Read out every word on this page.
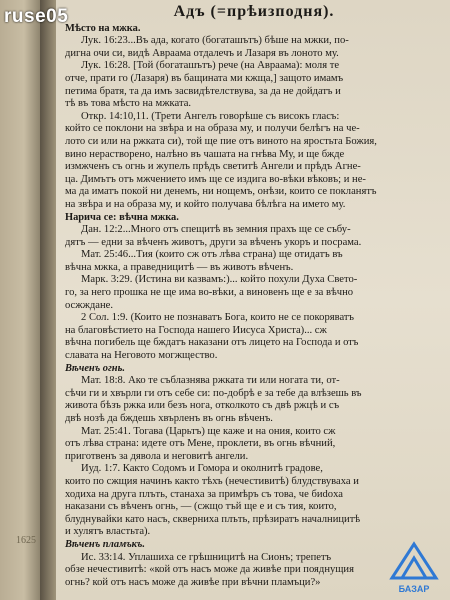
1625
Адъ (=прѣизподня).
Мѣсто на мжка.
Лук. 16:23...Въ ада, когато (богаташътъ) бѣше на мжки, по-
дигна очи си, видѣ Авраама отдалечъ и Лазаря въ лоното му.
Лук. 16:28. [Той (богаташътъ) рече (на Авраама): моля те
отче, прати го (Лазаря) въ бащината ми кжща,] защото имамъ
петима братя, та да имъ засвидѣтелствува, за да не дойдатъ и
тѣ въ това мѣсто на мжката.
Откр. 14:10,11. (Трети Ангелъ говорѣше съ високъ гласъ:
който се поклони на звѣра и на образа му, и получи белѣгъ на че-
лото си или на ржката си), той ще пие отъ виното на яростьта Божия,
вино нерастворено, налѣно въ чашата на гнѣва Му, и ще бжде
измжченъ съ огнь и жупелъ прѣдъ светитѣ Ангели и прѣдъ Агне-
цa. Димътъ отъ мжчението имъ ще се издига во-вѣки вѣковъ; и не-
ма да иматъ покой ни денемъ, ни нощемъ, онѣзи, които се покланятъ
на звѣра и на образа му, и който получава бѣлѣга на името му.
Нарича се: вѣчна мжка.
Дан. 12:2...Много отъ спещитѣ въ земния прахъ ще се събу-
дятъ — едни за вѣченъ животъ, други за вѣченъ укоръ и посрама.
Мат. 25:46...Тия (които сж отъ лѣва страна) ще отидатъ въ
вѣчна мжка, а праведницитѣ — въ животъ вѣченъ.
Марк. 3:29. (Истина ви казвамъ:)... който похули Духа Свето-
го, за него прошка не ще има во-вѣки, а виновенъ ще е за вѣчно
осжждане.
2 Сол. 1:9. (Които не познаватъ Бога, които не се покоряватъ
на благовѣстието на Господа нашего Иисуса Христа)... сж
вѣчна погибель ще бждатъ наказани отъ лицето на Господа и отъ
славата на Неговото могжщество.
Вѣченъ огнь.
Мат. 18:8. Ако те съблазнява ржката ти или ногата ти, от-
сѣчи ги и хвърли ги отъ себе си: по-добрѣ е за тебе да влѣзешь въ
живота бѣзъ ржка или безъ нога, отколкото съ двѣ ржцѣ и съ
двѣ нозѣ да бждешь хвърленъ въ огнь вѣченъ.
Мат. 25:41. Тогава (Царьтъ) ще каже и на ония, които сж
отъ лѣва страна: идете отъ Мене, проклети, въ огнь вѣчний,
приготвенъ за дявола и неговитѣ ангели.
Иуд. 1:7. Както Содомъ и Гомора и околнитѣ градове,
които по сжщия начинъ както тѣхъ (нечестивитѣ) блудствуваха и
ходиха на друга плъть, станаха за примѣръ съ това, че биdoха
наказани съ вѣченъ огнь, — (сжщо тъй ще е и съ тия, които,
блуднувайки като насъ, скверниха плъть, прѣзиратъ началницитѣ
и хулятъ властьта).
Вѣченъ пламъкъ.
Ис. 33:14. Уплашиха се грѣшницитѣ на Сионъ; трепетъ
обзе нечестивитѣ: «кой отъ насъ може да живѣе при пояднущия
огнь? кой отъ насъ може да живѣе при вѣчни пламъци?»
БАЗАР
ruse05
